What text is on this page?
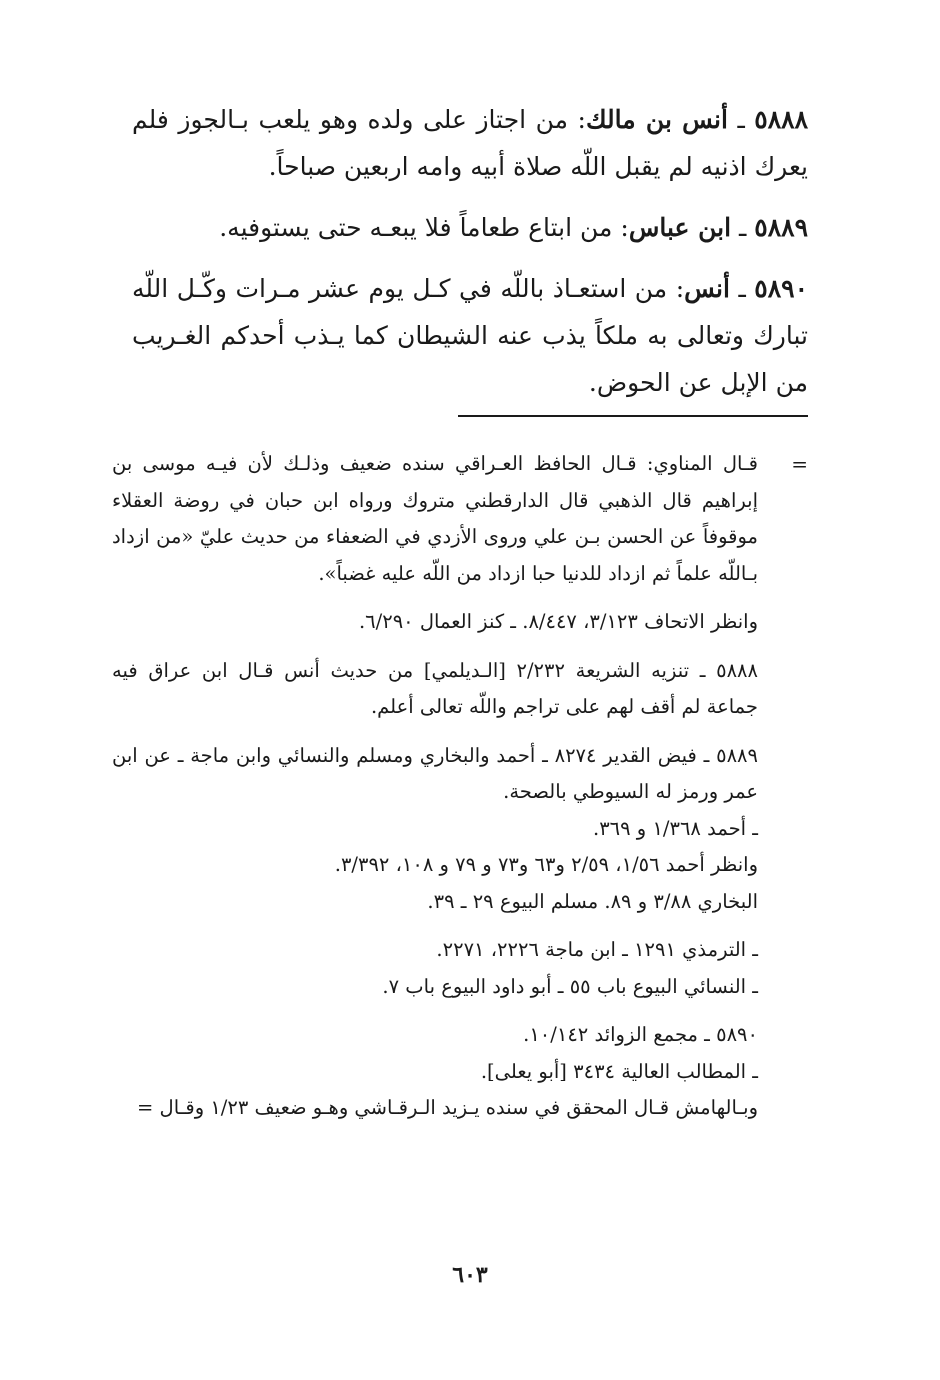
٥٨٨٨ ـ أنس بن مالك: من اجتاز على ولده وهو يلعب بـالجوز فلم يعرك اذنيه لم يقبل اللّه صلاة أبيه وامه اربعين صباحاً.

٥٨٨٩ ـ ابن عباس: من ابتاع طعاماً فلا يبعـه حتى يستوفيه.

٥٨٩٠ ـ أنس: من استعـاذ باللّه في كـل يوم عشر مـرات وكّـل اللّه تبارك وتعالى به ملكاً يذب عنه الشيطان كما يـذب أحدكم الغـريب من الإبل عن الحوض.

=

قـال المناوي: قـال الحافظ العـراقي سنده ضعيف وذلـك لأن فيـه موسى بن إبراهيم قال الذهبي قال الدارقطني متروك ورواه ابن حبان في روضة العقلاء موقوفاً عن الحسن بـن علي وروى الأزدي في الضعفاء من حديث عليّ «من ازداد بـاللّه علماً ثم ازداد للدنيا حبا ازداد من اللّه عليه غضباً».

وانظر الاتحاف ٣/١٢٣، ٨/٤٤٧. ـ كنز العمال ٦/٢٩٠.

٥٨٨٨ ـ تنزيه الشريعة ٢/٢٣٢ [الـديلمي] من حديث أنس قـال ابن عراق فيه جماعة لم أقف لهم على تراجم واللّه تعالى أعلم.

٥٨٨٩ ـ فيض القدير ٨٢٧٤ ـ أحمد والبخاري ومسلم والنسائي وابن ماجة ـ عن ابن عمر ورمز له السيوطي بالصحة.

ـ أحمد ١/٣٦٨ و ٣٦٩.

وانظر أحمد ١/٥٦، ٢/٥٩ و٦٣ و٧٣ و ٧٩ و ١٠٨، ٣/٣٩٢.

البخاري ٣/٨٨ و ٨٩. مسلم البيوع ٢٩ ـ ٣٩.

ـ الترمذي ١٢٩١ ـ ابن ماجة ٢٢٢٦، ٢٢٧١.

ـ النسائي البيوع باب ٥٥ ـ أبو داود البيوع باب ٧.

٥٨٩٠ ـ مجمع الزوائد ١٠/١٤٢.

ـ المطالب العالية ٣٤٣٤ [أبو يعلى].

وبـالهامش قـال المحقق في سنده يـزيد الـرقـاشي وهـو ضعيف ١/٢٣ وقـال =

٦٠٣
